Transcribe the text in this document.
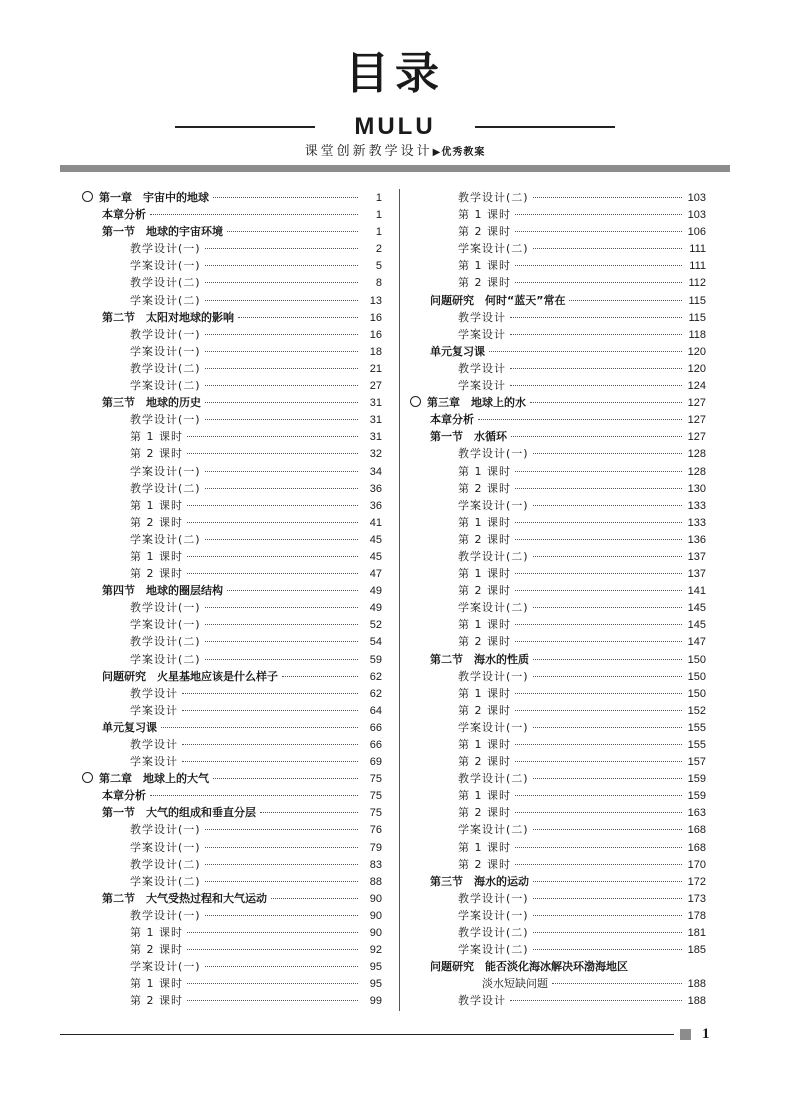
目录
MULU
课堂创新教学设计▶优秀教案
第一章　宇宙中的地球	1
本章分析	1
第一节　地球的宇宙环境	1
教学设计(一)	2
学案设计(一)	5
教学设计(二)	8
学案设计(二)	13
第二节　太阳对地球的影响	16
教学设计(一)	16
学案设计(一)	18
教学设计(二)	21
学案设计(二)	27
第三节　地球的历史	31
教学设计(一)	31
第 1 课时	31
第 2 课时	32
学案设计(一)	34
教学设计(二)	36
第 1 课时	36
第 2 课时	41
学案设计(二)	45
第 1 课时	45
第 2 课时	47
第四节　地球的圈层结构	49
教学设计(一)	49
学案设计(一)	52
教学设计(二)	54
学案设计(二)	59
问题研究　火星基地应该是什么样子	62
教学设计	62
学案设计	64
单元复习课	66
教学设计	66
学案设计	69
第二章　地球上的大气	75
本章分析	75
第一节　大气的组成和垂直分层	75
教学设计(一)	76
学案设计(一)	79
教学设计(二)	83
学案设计(二)	88
第二节　大气受热过程和大气运动	90
教学设计(一)	90
第 1 课时	90
第 2 课时	92
学案设计(一)	95
第 1 课时	95
第 2 课时	99
教学设计(二)	103
第 1 课时	103
第 2 课时	106
学案设计(二)	111
第 1 课时	111
第 2 课时	112
问题研究　何时“蓝天”常在	115
教学设计	115
学案设计	118
单元复习课	120
教学设计	120
学案设计	124
第三章　地球上的水	127
本章分析	127
第一节　水循环	127
教学设计(一)	128
第 1 课时	128
第 2 课时	130
学案设计(一)	133
第 1 课时	133
第 2 课时	136
教学设计(二)	137
第 1 课时	137
第 2 课时	141
学案设计(二)	145
第 1 课时	145
第 2 课时	147
第二节　海水的性质	150
教学设计(一)	150
第 1 课时	150
第 2 课时	152
学案设计(一)	155
第 1 课时	155
第 2 课时	157
教学设计(二)	159
第 1 课时	159
第 2 课时	163
学案设计(二)	168
第 1 课时	168
第 2 课时	170
第三节　海水的运动	172
教学设计(一)	173
学案设计(一)	178
教学设计(二)	181
学案设计(二)	185
问题研究　能否淡化海冰解决环渤海地区
淡水短缺问题	188
教学设计	188
1
